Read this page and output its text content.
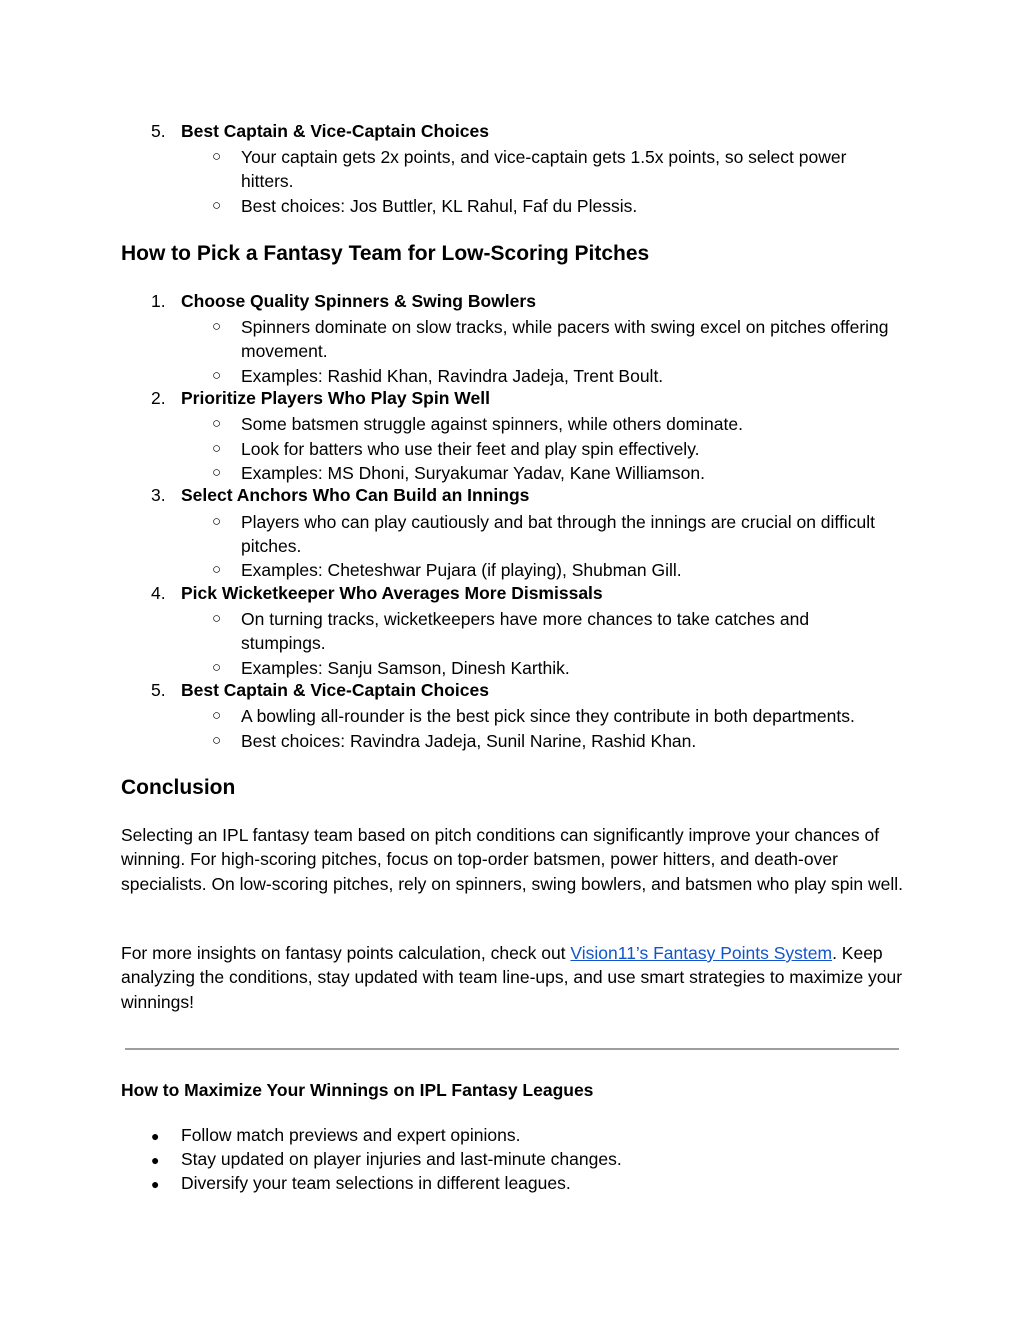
5. Best Captain & Vice-Captain Choices
○ Your captain gets 2x points, and vice-captain gets 1.5x points, so select power hitters.
○ Best choices: Jos Buttler, KL Rahul, Faf du Plessis.
How to Pick a Fantasy Team for Low-Scoring Pitches
1. Choose Quality Spinners & Swing Bowlers
○ Spinners dominate on slow tracks, while pacers with swing excel on pitches offering movement.
○ Examples: Rashid Khan, Ravindra Jadeja, Trent Boult.
2. Prioritize Players Who Play Spin Well
○ Some batsmen struggle against spinners, while others dominate.
○ Look for batters who use their feet and play spin effectively.
○ Examples: MS Dhoni, Suryakumar Yadav, Kane Williamson.
3. Select Anchors Who Can Build an Innings
○ Players who can play cautiously and bat through the innings are crucial on difficult pitches.
○ Examples: Cheteshwar Pujara (if playing), Shubman Gill.
4. Pick Wicketkeeper Who Averages More Dismissals
○ On turning tracks, wicketkeepers have more chances to take catches and stumpings.
○ Examples: Sanju Samson, Dinesh Karthik.
5. Best Captain & Vice-Captain Choices
○ A bowling all-rounder is the best pick since they contribute in both departments.
○ Best choices: Ravindra Jadeja, Sunil Narine, Rashid Khan.
Conclusion
Selecting an IPL fantasy team based on pitch conditions can significantly improve your chances of winning. For high-scoring pitches, focus on top-order batsmen, power hitters, and death-over specialists. On low-scoring pitches, rely on spinners, swing bowlers, and batsmen who play spin well.
For more insights on fantasy points calculation, check out Vision11’s Fantasy Points System. Keep analyzing the conditions, stay updated with team line-ups, and use smart strategies to maximize your winnings!
How to Maximize Your Winnings on IPL Fantasy Leagues
● Follow match previews and expert opinions.
● Stay updated on player injuries and last-minute changes.
● Diversify your team selections in different leagues.
